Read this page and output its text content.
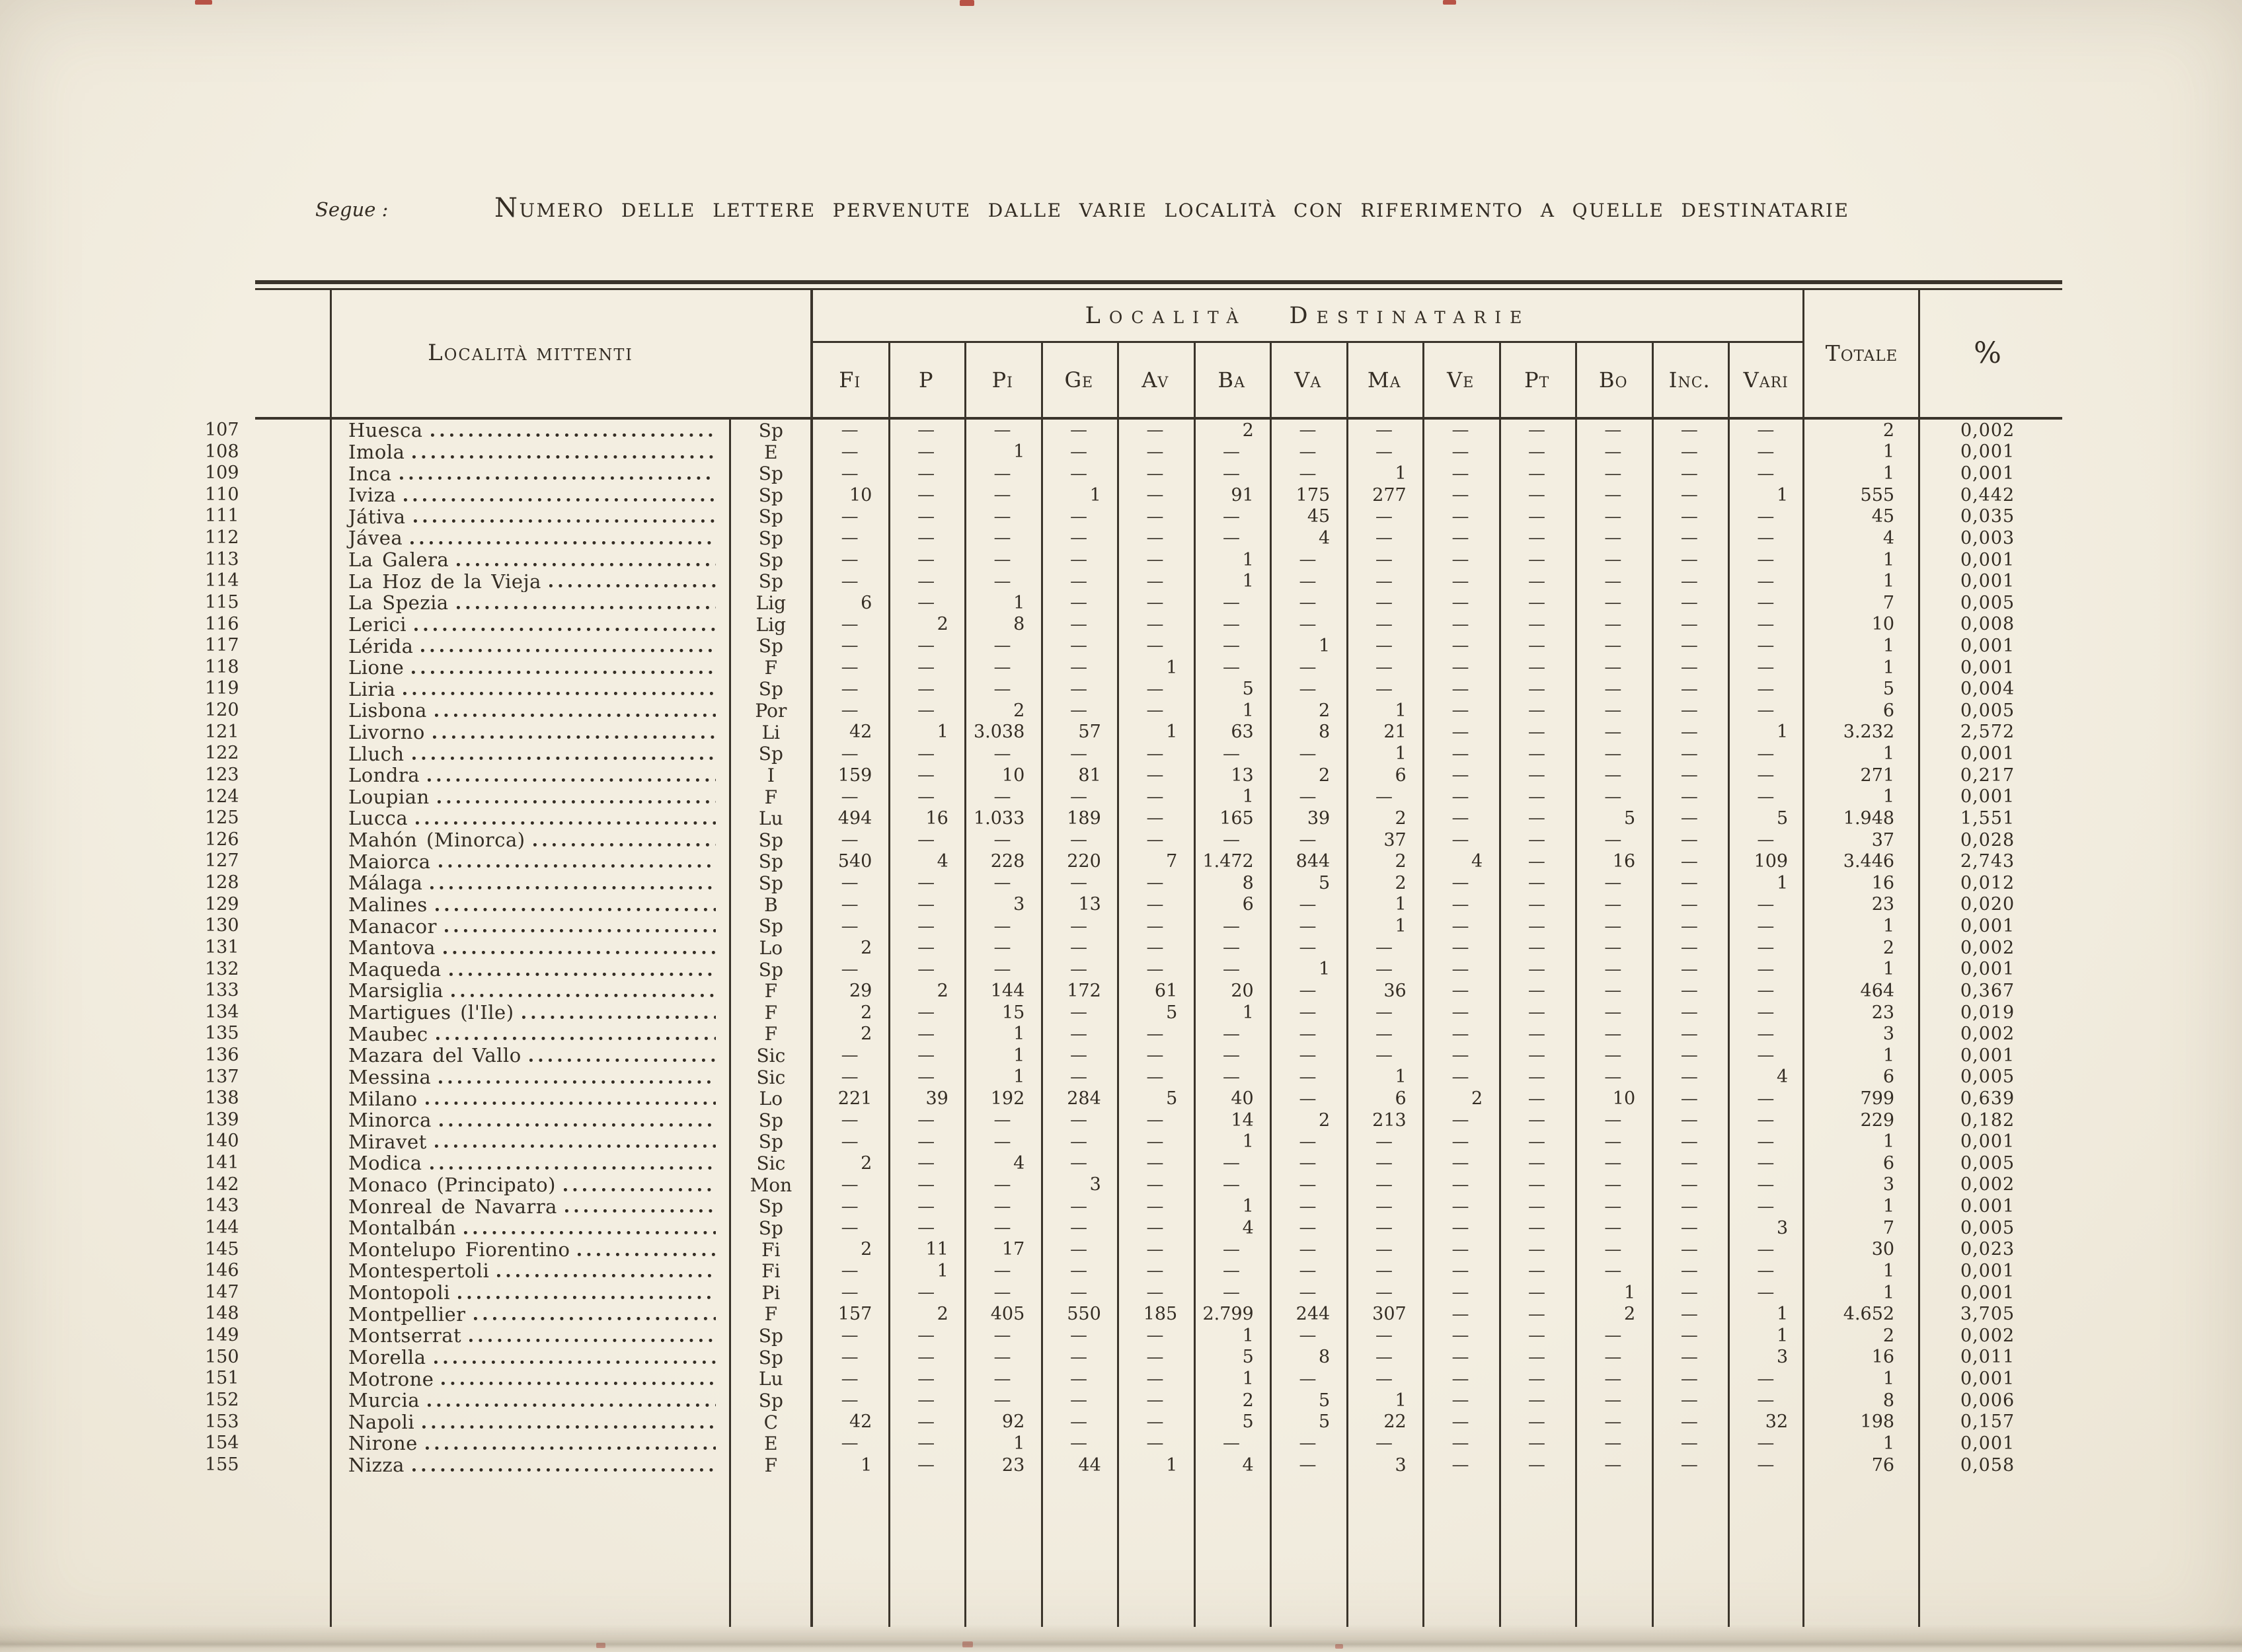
Segue :	Numero delle lettere pervenute dalle varie località con riferimento a quelle destinatarie
Località mittenti
Località Destinatarie
Fi	P	Pi	Ge	Av	Ba	Va	Ma	Ve	Pt	Bo	Inc.	Vari
Totale	%
107	Huesca	Sp	—	—	—	—	—	2	—	—	—	—	—	—	—	2	0,002
108	Imola	E	—	—	1	—	—	—	—	—	—	—	—	—	—	1	0,001
109	Inca	Sp	—	—	—	—	—	—	—	1	—	—	—	—	—	1	0,001
110	Iviza	Sp	10	—	—	1	—	91	175	277	—	—	—	—	1	555	0,442
111	Játiva	Sp	—	—	—	—	—	—	45	—	—	—	—	—	—	45	0,035
112	Jávea	Sp	—	—	—	—	—	—	4	—	—	—	—	—	—	4	0,003
113	La Galera	Sp	—	—	—	—	—	1	—	—	—	—	—	—	—	1	0,001
114	La Hoz de la Vieja	Sp	—	—	—	—	—	1	—	—	—	—	—	—	—	1	0,001
115	La Spezia	Lig	6	—	1	—	—	—	—	—	—	—	—	—	—	7	0,005
116	Lerici	Lig	—	2	8	—	—	—	—	—	—	—	—	—	—	10	0,008
117	Lérida	Sp	—	—	—	—	—	—	1	—	—	—	—	—	—	1	0,001
118	Lione	F	—	—	—	—	1	—	—	—	—	—	—	—	—	1	0,001
119	Liria	Sp	—	—	—	—	—	5	—	—	—	—	—	—	—	5	0,004
120	Lisbona	Por	—	—	2	—	—	1	2	1	—	—	—	—	—	6	0,005
121	Livorno	Li	42	1	3.038	57	1	63	8	21	—	—	—	—	1	3.232	2,572
122	Lluch	Sp	—	—	—	—	—	—	—	1	—	—	—	—	—	1	0,001
123	Londra	I	159	—	10	81	—	13	2	6	—	—	—	—	—	271	0,217
124	Loupian	F	—	—	—	—	—	1	—	—	—	—	—	—	—	1	0,001
125	Lucca	Lu	494	16	1.033	189	—	165	39	2	—	—	5	—	5	1.948	1,551
126	Mahón (Minorca)	Sp	—	—	—	—	—	—	—	37	—	—	—	—	—	37	0,028
127	Maiorca	Sp	540	4	228	220	7	1.472	844	2	4	—	16	—	109	3.446	2,743
128	Málaga	Sp	—	—	—	—	—	8	5	2	—	—	—	—	1	16	0,012
129	Malines	B	—	—	3	13	—	6	—	1	—	—	—	—	—	23	0,020
130	Manacor	Sp	—	—	—	—	—	—	—	1	—	—	—	—	—	1	0,001
131	Mantova	Lo	2	—	—	—	—	—	—	—	—	—	—	—	—	2	0,002
132	Maqueda	Sp	—	—	—	—	—	—	1	—	—	—	—	—	—	1	0,001
133	Marsiglia	F	29	2	144	172	61	20	—	36	—	—	—	—	—	464	0,367
134	Martigues (l'Ile)	F	2	—	15	—	5	1	—	—	—	—	—	—	—	23	0,019
135	Maubec	F	2	—	1	—	—	—	—	—	—	—	—	—	—	3	0,002
136	Mazara del Vallo	Sic	—	—	1	—	—	—	—	—	—	—	—	—	—	1	0,001
137	Messina	Sic	—	—	1	—	—	—	—	1	—	—	—	—	4	6	0,005
138	Milano	Lo	221	39	192	284	5	40	—	6	2	—	10	—	—	799	0,639
139	Minorca	Sp	—	—	—	—	—	14	2	213	—	—	—	—	—	229	0,182
140	Miravet	Sp	—	—	—	—	—	1	—	—	—	—	—	—	—	1	0,001
141	Modica	Sic	2	—	4	—	—	—	—	—	—	—	—	—	—	6	0,005
142	Monaco (Principato)	Mon	—	—	—	3	—	—	—	—	—	—	—	—	—	3	0,002
143	Monreal de Navarra	Sp	—	—	—	—	—	1	—	—	—	—	—	—	—	1	0.001
144	Montalbán	Sp	—	—	—	—	—	4	—	—	—	—	—	—	3	7	0,005
145	Montelupo Fiorentino	Fi	2	11	17	—	—	—	—	—	—	—	—	—	—	30	0,023
146	Montespertoli	Fi	—	1	—	—	—	—	—	—	—	—	—	—	—	1	0,001
147	Montopoli	Pi	—	—	—	—	—	—	—	—	—	—	1	—	—	1	0,001
148	Montpellier	F	157	2	405	550	185	2.799	244	307	—	—	2	—	1	4.652	3,705
149	Montserrat	Sp	—	—	—	—	—	1	—	—	—	—	—	—	1	2	0,002
150	Morella	Sp	—	—	—	—	—	5	8	—	—	—	—	—	3	16	0,011
151	Motrone	Lu	—	—	—	—	—	1	—	—	—	—	—	—	—	1	0,001
152	Murcia	Sp	—	—	—	—	—	2	5	1	—	—	—	—	—	8	0,006
153	Napoli	C	42	—	92	—	—	5	5	22	—	—	—	—	32	198	0,157
154	Nirone	E	—	—	1	—	—	—	—	—	—	—	—	—	—	1	0,001
155	Nizza	F	1	—	23	44	1	4	—	3	—	—	—	—	—	76	0,058
